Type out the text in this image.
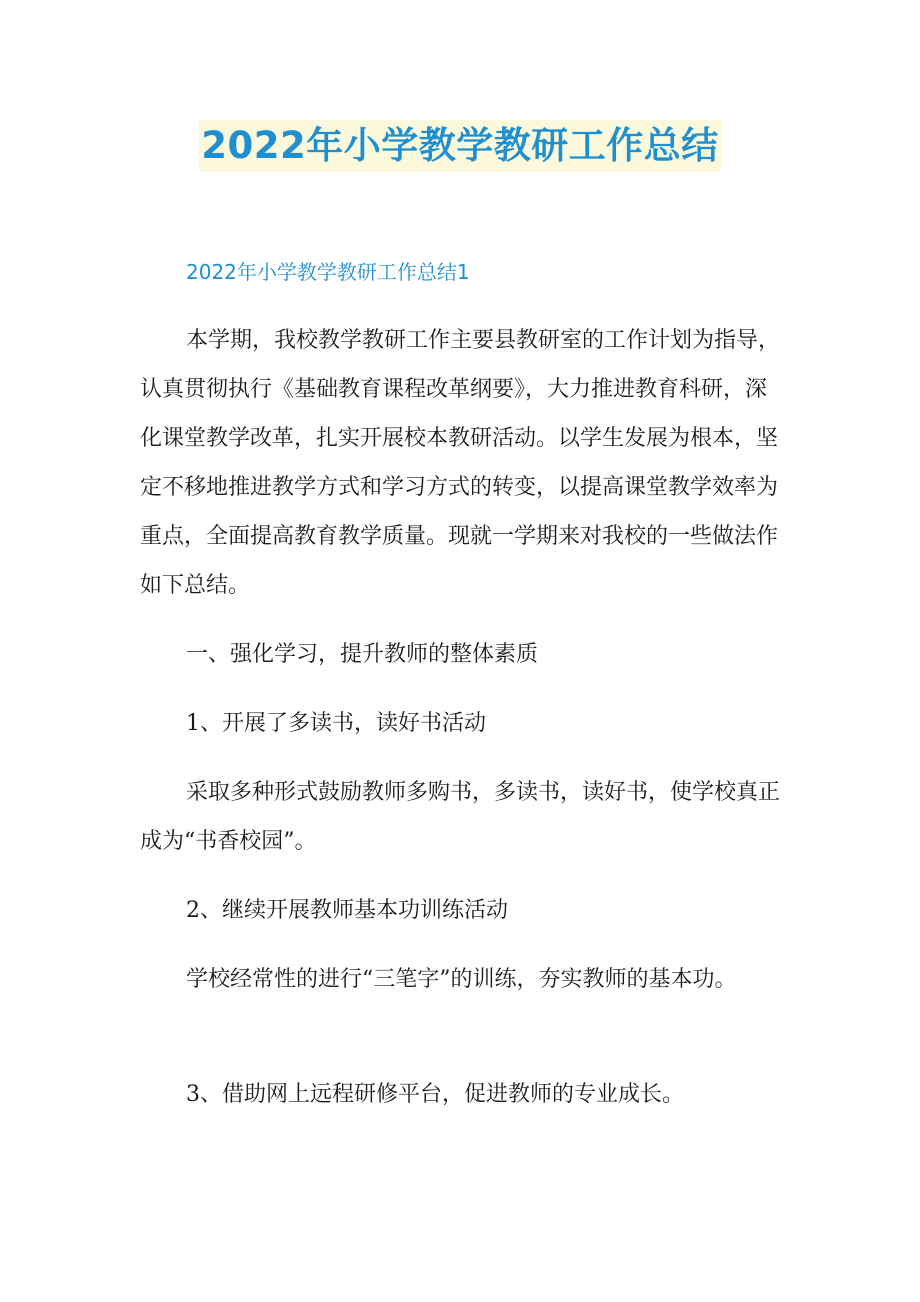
2022年小学教学教研工作总结

2022年小学教学教研工作总结1

本学期，我校教学教研工作主要县教研室的工作计划为指导，认真贯彻执行《基础教育课程改革纲要》，大力推进教育科研，深化课堂教学改革，扎实开展校本教研活动。以学生发展为根本，坚定不移地推进教学方式和学习方式的转变，以提高课堂教学效率为重点，全面提高教育教学质量。现就一学期来对我校的一些做法作如下总结。

一、强化学习，提升教师的整体素质

1、开展了多读书，读好书活动

采取多种形式鼓励教师多购书，多读书，读好书，使学校真正成为“书香校园”。

2、继续开展教师基本功训练活动

学校经常性的进行“三笔字”的训练，夯实教师的基本功。

3、借助网上远程研修平台，促进教师的专业成长。
